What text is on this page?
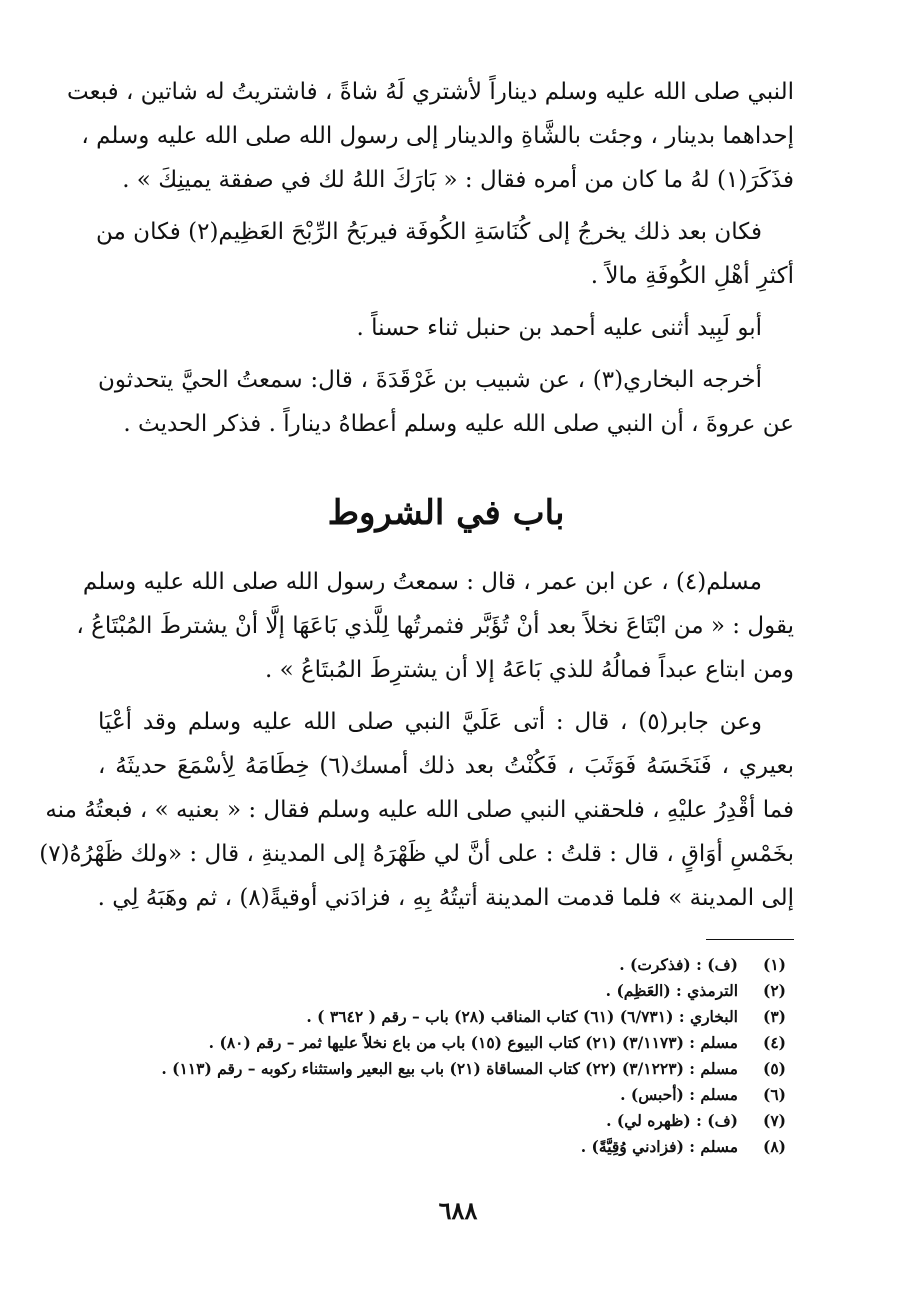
النبي صلى الله عليه وسلم ديناراً لأشتري لَهُ شاةً ، فاشتريتُ له شاتين ، فبعت
إحداهما بدينار ، وجئت بالشَّاةِ والدينار إلى رسول الله صلى الله عليه وسلم ،
فذَكَرَ(١) لهُ ما كان من أمره فقال : « بَارَكَ اللهُ لك في صفقة يمينِكَ » .
فكان بعد ذلك يخرجُ إلى كُنَاسَةِ الكُوفَة فيربَحُ الرِّبْحَ العَظِيم(٢) فكان من
أكثرِ أهْلِ الكُوفَةِ مالاً .
أبو لَبِيد أثنى عليه أحمد بن حنبل ثناء حسناً .
أخرجه البخاري(٣) ، عن شبيب بن غَرْقَدَةَ ، قال: سمعتُ الحيَّ يتحدثون
عن عروةَ ، أن النبي صلى الله عليه وسلم أعطاهُ ديناراً . فذكر الحديث .
باب في الشروط
مسلم(٤) ، عن ابن عمر ، قال : سمعتُ رسول الله صلى الله عليه وسلم
يقول : « من ابْتَاعَ نخلاً بعد أنْ تُؤَبَّر فثمرتُها لِلَّذي بَاعَهَا إلَّا أنْ يشترطَ المُبْتَاعُ ،
ومن ابتاع عبداً فمالُهُ للذي بَاعَهُ إلا أن يشترِطَ المُبتَاعُ » .
وعن جابر(٥) ، قال : أتى عَلَيَّ النبي صلى الله عليه وسلم وقد أعْيَا
بعيري ، فَنَخَسَهُ فَوَثَبَ ، فَكُنْتُ بعد ذلك أمسك(٦) خِطَامَهُ لِأسْمَعَ حديثَهُ ،
فما أقْدِرُ عليْهِ ، فلحقني النبي صلى الله عليه وسلم فقال : « بعنيه » ، فبعتُهُ منه
بخَمْسِ أوَاقٍ ، قال : قلتُ : على أنَّ لي ظَهْرَهُ إلى المدينةِ ، قال : «ولك ظَهْرُهُ(٧)
إلى المدينة » فلما قدمت المدينة أتيتُهُ بِهِ ، فزادَني أوقيةً(٨) ، ثم وهَبَهُ لِي .
(١)
(ف) : (فذكرت) .
(٢)
الترمذي : (العَظِم) .
(٣)
البخاري : (٦/٧٣١) (٦١) كتاب المناقب (٢٨) باب – رقم ( ٣٦٤٢ ) .
(٤)
مسلم : (٣/١١٧٣) (٢١) كتاب البيوع (١٥) باب من باع نخلاً عليها ثمر – رقم (٨٠) .
(٥)
مسلم : (٣/١٢٢٣) (٢٢) كتاب المساقاة (٢١) باب بيع البعير واستثناء ركوبه – رقم (١١٣) .
(٦)
مسلم : (أحبس) .
(٧)
(ف) : (ظهره لي) .
(٨)
مسلم : (فزادني وُقِيَّةً) .
٦٨٨
